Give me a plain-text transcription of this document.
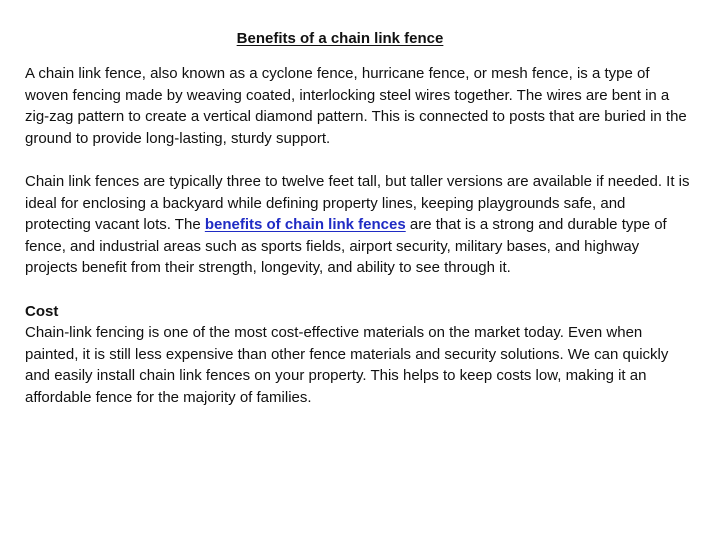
Benefits of a chain link fence

A chain link fence, also known as a cyclone fence, hurricane fence, or mesh fence, is a type of woven fencing made by weaving coated, interlocking steel wires together. The wires are bent in a zig-zag pattern to create a vertical diamond pattern. This is connected to posts that are buried in the ground to provide long-lasting, sturdy support.

Chain link fences are typically three to twelve feet tall, but taller versions are available if needed. It is ideal for enclosing a backyard while defining property lines, keeping playgrounds safe, and protecting vacant lots. The benefits of chain link fences are that is a strong and durable type of fence, and industrial areas such as sports fields, airport security, military bases, and highway projects benefit from their strength, longevity, and ability to see through it.

Cost
Chain-link fencing is one of the most cost-effective materials on the market today. Even when painted, it is still less expensive than other fence materials and security solutions. We can quickly and easily install chain link fences on your property. This helps to keep costs low, making it an affordable fence for the majority of families.
